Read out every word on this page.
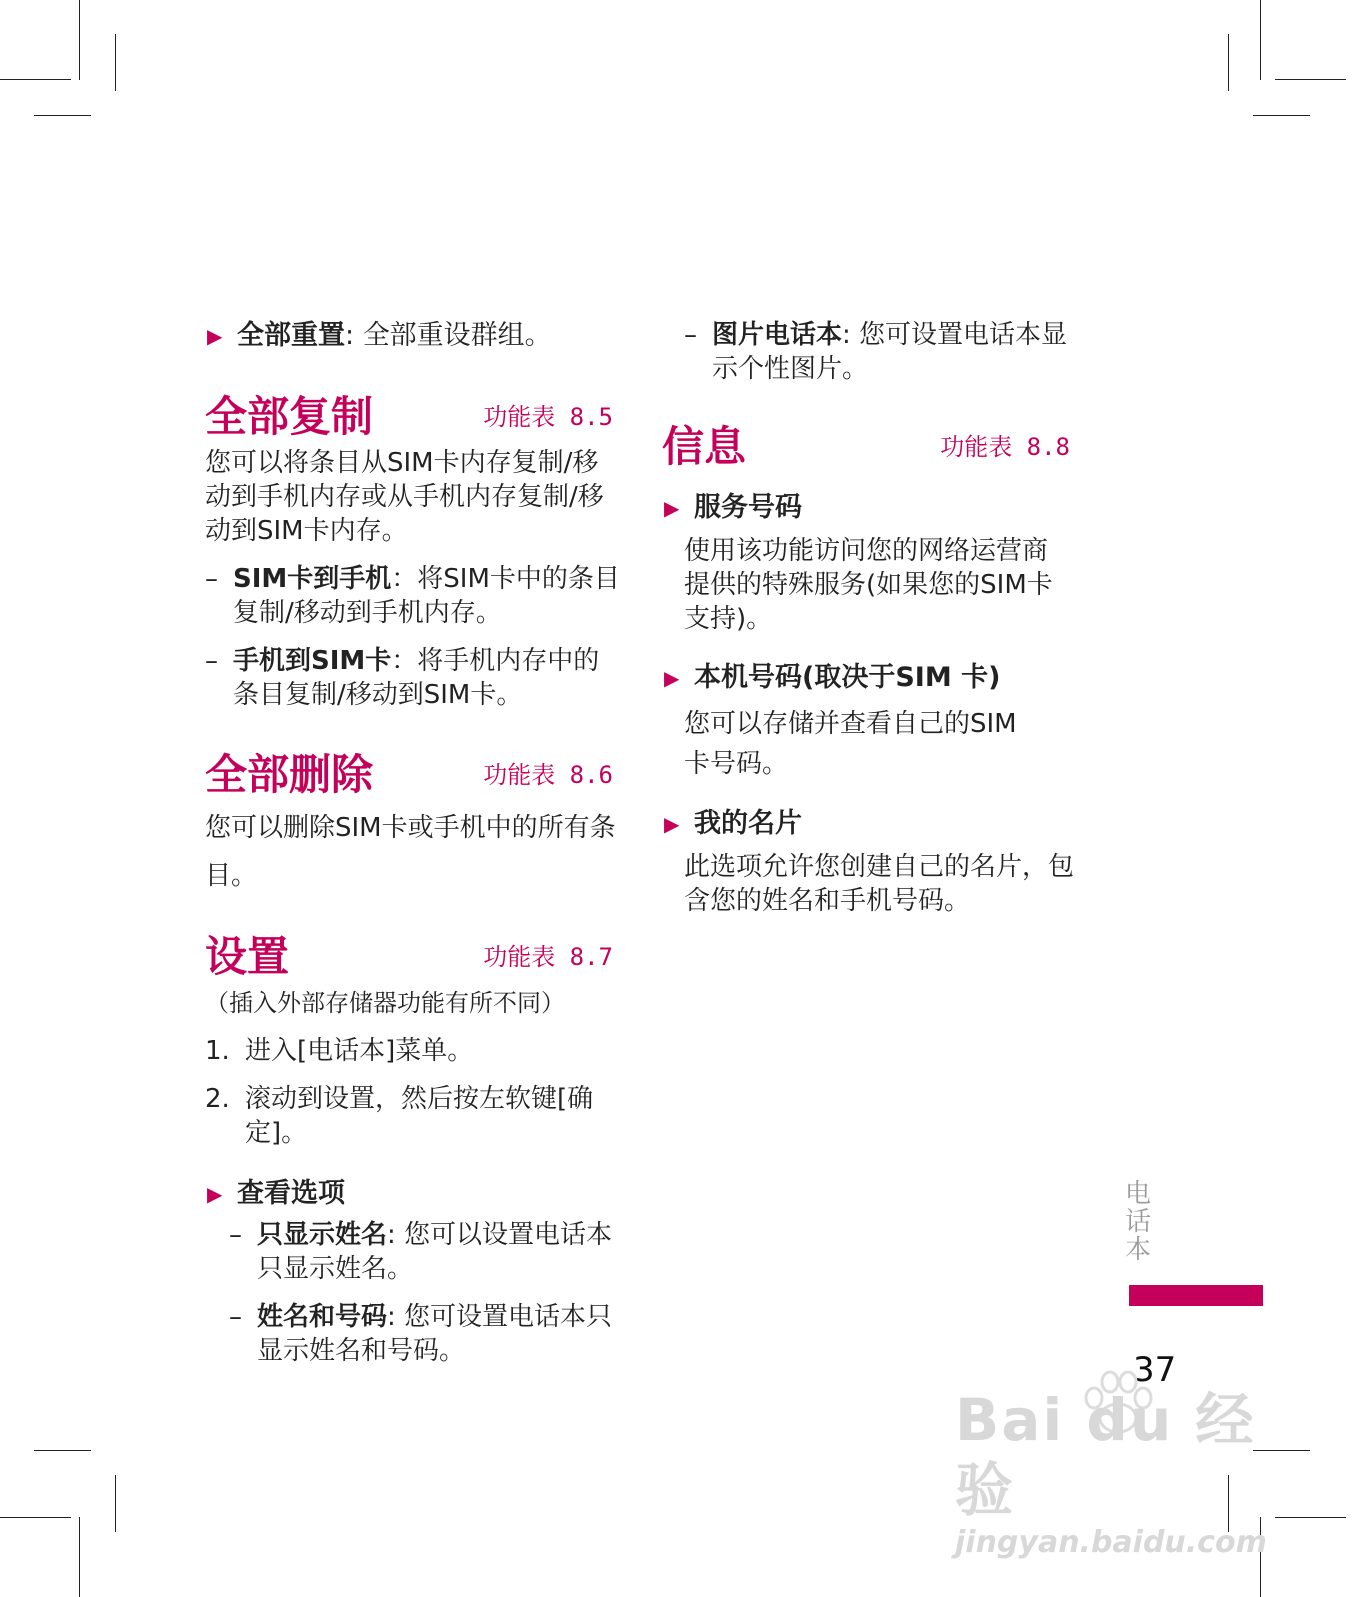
▶ 全部重置: 全部重设群组。
全部复制	功能表 8.5

您可以将条目从SIM卡内存复制/移动到手机内存或从手机内存复制/移动到SIM卡内存。

– SIM卡到手机：将SIM卡中的条目复制/移动到手机内存。
– 手机到SIM卡：将手机内存中的条目复制/移动到SIM卡。
全部删除	功能表 8.6

您可以删除SIM卡或手机中的所有条
目。

设置	功能表 8.7

（插入外部存储器功能有所不同）

1. 进入[电话本]菜单。
2. 滚动到设置，然后按左软键[确定]。
▶ 查看选项
– 只显示姓名: 您可以设置电话本只显示姓名。
– 姓名和号码: 您可设置电话本只显示姓名和号码。
– 图片电话本: 您可设置电话本显示个性图片。
信息	功能表 8.8
▶ 服务号码

使用该功能访问您的网络运营商提供的特殊服务(如果您的SIM卡支持)。

▶ 本机号码(取决于SIM 卡)

您可以存储并查看自己的SIM卡号码。

▶ 我的名片

此选项允许您创建自己的名片，包含您的姓名和手机号码。

电话本
37
Bai du 经验
jingyan.baidu.com
